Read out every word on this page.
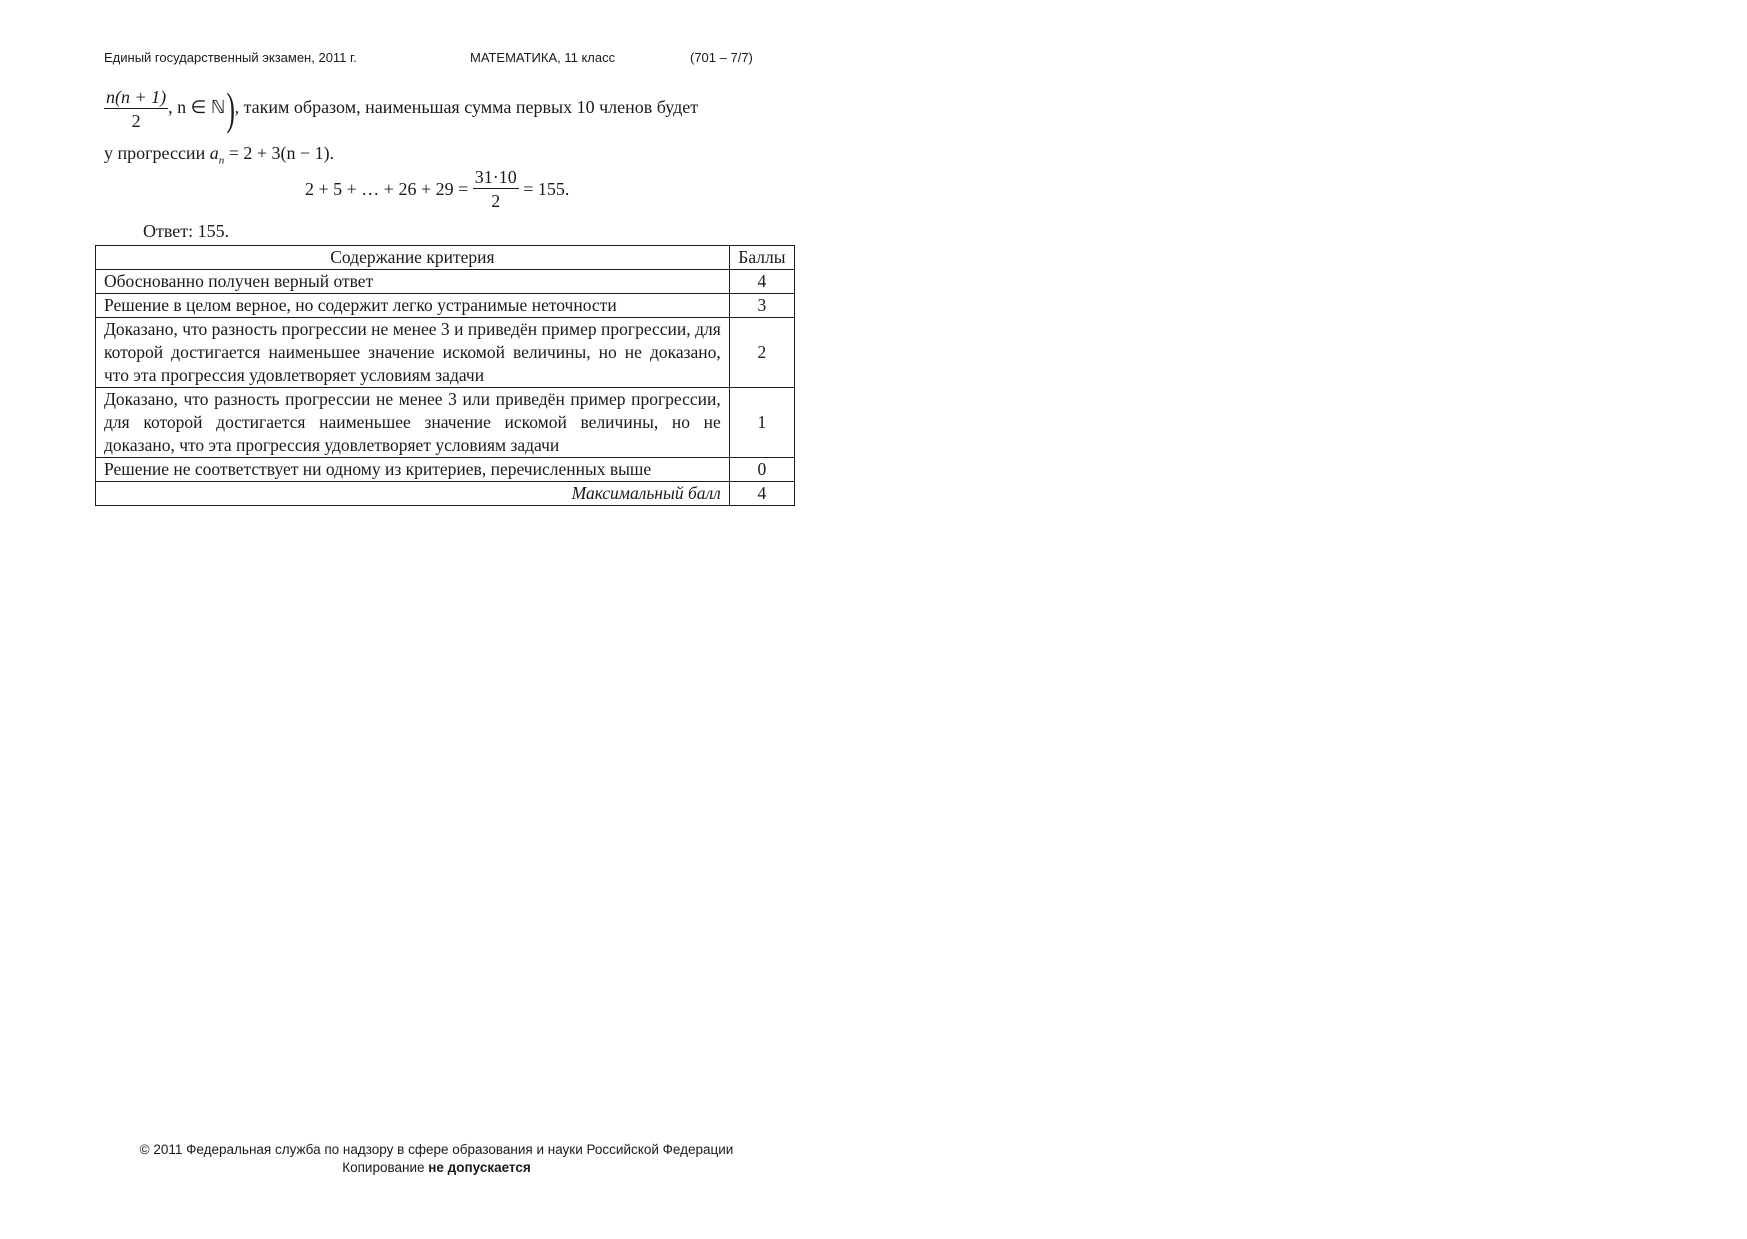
Единый государственный экзамен, 2011 г.	МАТЕМАТИКА, 11 класс	(701 – 7/7)
$\frac{n(n + 1)}{2}$ , n ∈ ℕ), таким образом, наименьшая сумма первых 10 членов будет
у прогрессии $a_n = 2 + 3(n - 1)$.
2 + 5 + … + $26 + 29 = \frac{31\cdot 10}{2} = 155$.
Ответ: 155.
Содержание критерия	Баллы
Обоснованно получен верный ответ	4
Решение в целом верное, но содержит легко устранимые неточности	3
Доказано, что разность прогрессии не менее 3 и приведён пример прогрессии, для которой достигается наименьшее значение искомой величины, но не доказано, что эта прогрессия удовлетворяет условиям задачи	2
Доказано, что разность прогрессии не менее 3 или приведён пример прогрессии, для которой достигается наименьшее значение искомой величины, но не доказано, что эта прогрессия удовлетворяет условиям задачи	1
Решение не соответствует ни одному из критериев, перечисленных выше	0
Максимальный балл	4
© 2011 Федеральная служба по надзору в сфере образования и науки Российской Федерации
Копирование не допускается
